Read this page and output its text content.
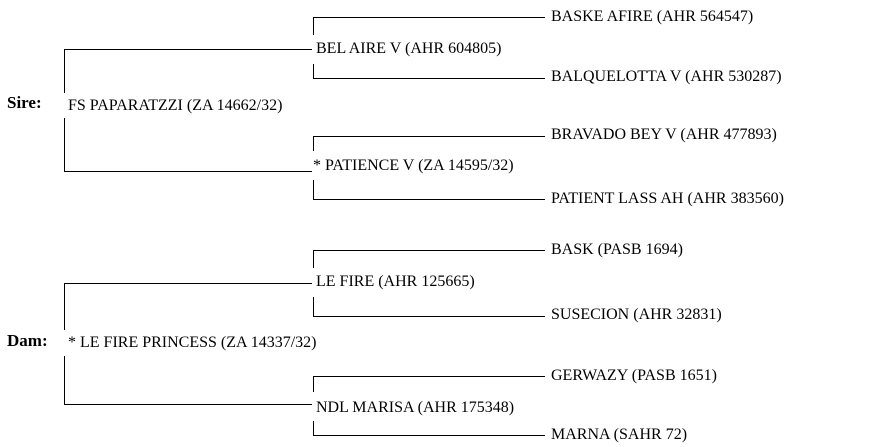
Sire: FS PAPARATZZI (ZA 14662/32)
BEL AIRE V (AHR 604805)
BASKE AFIRE (AHR 564547)
BALQUELOTTA V (AHR 530287)
* PATIENCE V (ZA 14595/32)
BRAVADO BEY V (AHR 477893)
PATIENT LASS AH (AHR 383560)
Dam: * LE FIRE PRINCESS (ZA 14337/32)
LE FIRE (AHR 125665)
BASK (PASB 1694)
SUSECION (AHR 32831)
NDL MARISA (AHR 175348)
GERWAZY (PASB 1651)
MARNA (SAHR 72)
